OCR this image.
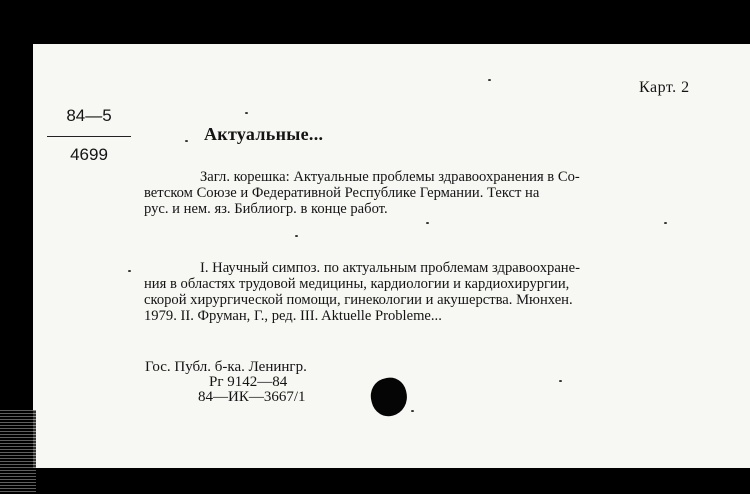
Карт. 2
84—5
4699
Актуальные...
Загл. корешка: Актуальные проблемы здравоохранения в Со-
ветском Союзе и Федеративной Республике Германии. Текст на
рус. и нем. яз. Библиогр. в конце работ.
I. Научный симпоз. по актуальным проблемам здравоохране-
ния в областях трудовой медицины, кардиологии и кардиохирургии,
скорой хирургической помощи, гинекологии и акушерства. Мюнхен.
1979. II. Фруман, Г., ред. III. Aktuelle Probleme...
Гос. Публ. б-ка. Ленингр.
Рг 9142—84
84—ИК—3667/1
